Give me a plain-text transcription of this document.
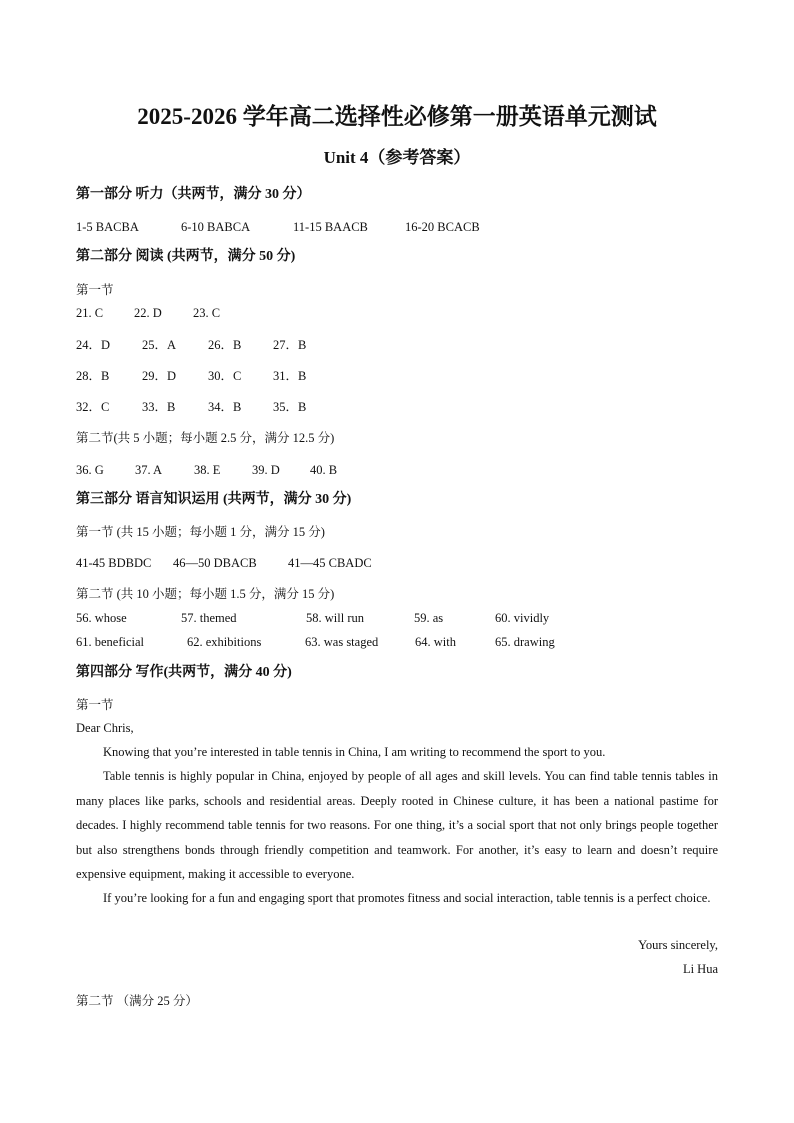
2025-2026 学年高二选择性必修第一册英语单元测试
Unit 4（参考答案）
第一部分 听力（共两节，满分 30 分）
1-5 BACBA	6-10 BABCA	11-15 BAACB	16-20 BCACB
第二部分 阅读 (共两节，满分 50 分)
第一节
21. C 22. D 23. C
24．D	25．A	26．B	27．B
28．B	29．D	30．C	31．B
32．C	33．B	34．B	35．B
第二节(共 5 小题；每小题 2.5 分，满分 12.5 分)
36. G 37. A	38. E	39. D 40. B
第三部分 语言知识运用 (共两节，满分 30 分)
第一节 (共 15 小题；每小题 1 分，满分 15 分)
41-45 BDBDC 46—50 DBACB	41—45 CBADC
第二节 (共 10 小题；每小题 1.5 分，满分 15 分)
56. whose	57. themed	58. will run	59. as	60. vividly
61. beneficial	62. exhibitions	63. was staged	64. with	65. drawing
第四部分 写作(共两节，满分 40 分)
第一节
Dear Chris,
Knowing that you’re interested in table tennis in China, I am writing to recommend the sport to you.
Table tennis is highly popular in China, enjoyed by people of all ages and skill levels. You can find table tennis tables in many places like parks, schools and residential areas. Deeply rooted in Chinese culture, it has been a national pastime for decades. I highly recommend table tennis for two reasons. For one thing, it’s a social sport that not only brings people together but also strengthens bonds through friendly competition and teamwork. For another, it’s easy to learn and doesn’t require expensive equipment, making it accessible to everyone.
If you’re looking for a fun and engaging sport that promotes fitness and social interaction, table tennis is a perfect choice.
Yours sincerely,
Li Hua
第二节 （满分 25 分）
